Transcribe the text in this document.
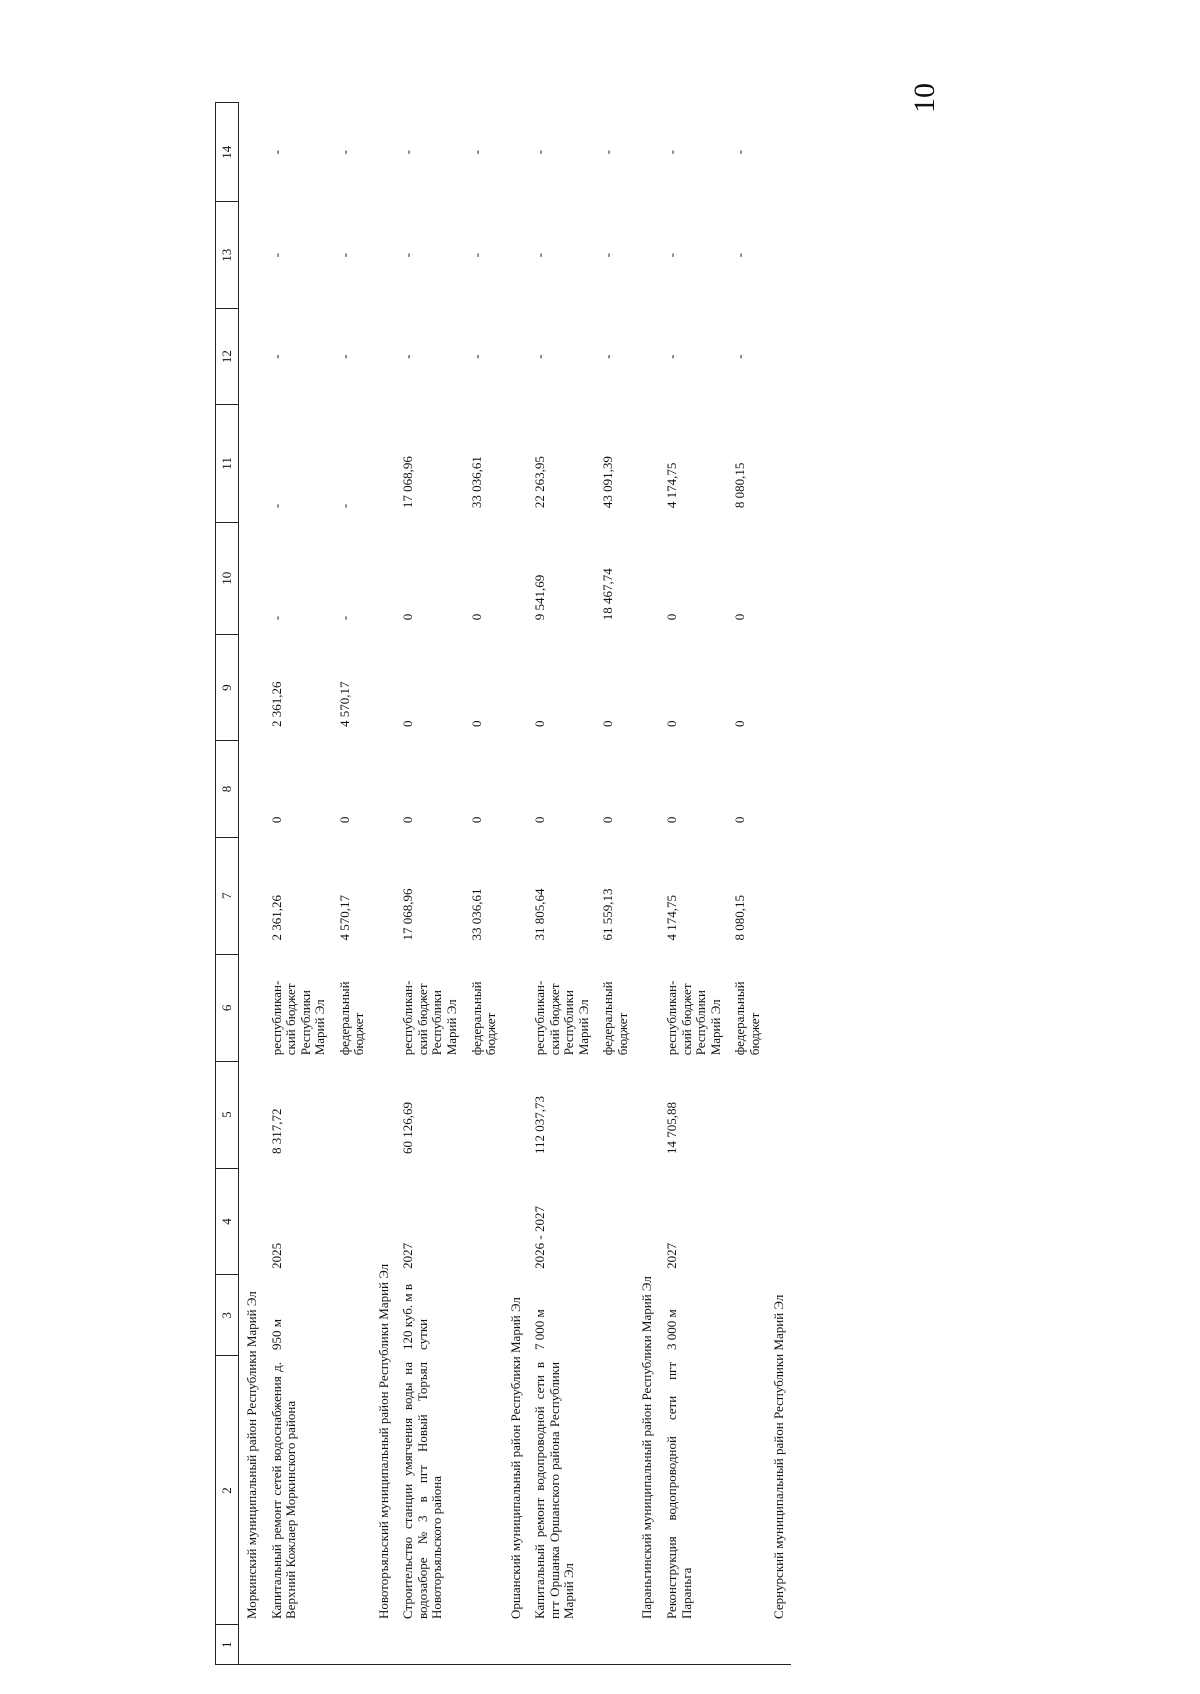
10
1	2	3	4	5	6	7	8	9	10	11	12	13	14
	Моркинский муниципальный район Республики Марий Эл												
	Капитальный ремонт сетей водоснабжения д. Верхний Кожлаер Моркинского района	950 м	2025	8 317,72	республикан-ский бюджет Республики Марий Эл	2 361,26	0	2 361,26	-	-	-	-	-
					федеральный бюджет	4 570,17	0	4 570,17	-	-	-	-	-
	Новоторъяльский муниципальный район Республики Марий Эл												
	Строительство станции умягчения воды на водозаборе №3 в пгт Новый Торъял Новоторъяльского района	120 куб. м в сутки	2027	60 126,69	республикан-ский бюджет Республики Марий Эл	17 068,96	0	0	0	17 068,96	-	-	-
					федеральный бюджет	33 036,61	0	0	0	33 036,61	-	-	-
	Оршанский муниципальный район Республики Марий Эл												
	Капитальный ремонт водопроводной сети в пгт Оршанка Оршанского района Республики Марий Эл	7 000 м	2026 - 2027	112 037,73	республикан-ский бюджет Республики Марий Эл	31 805,64	0	0	9 541,69	22 263,95	-	-	-
					федеральный бюджет	61 559,13	0	0	18 467,74	43 091,39	-	-	-
	Параньгинский муниципальный район Республики Марий Эл												
	Реконструкция водопроводной сети пгт Параньга	3 000 м	2027	14 705,88	республикан-ский бюджет Республики Марий Эл	4 174,75	0	0	0	4 174,75	-	-	-
					федеральный бюджет	8 080,15	0	0	0	8 080,15	-	-	-
	Сернурский муниципальный район Республики Марий Эл												
